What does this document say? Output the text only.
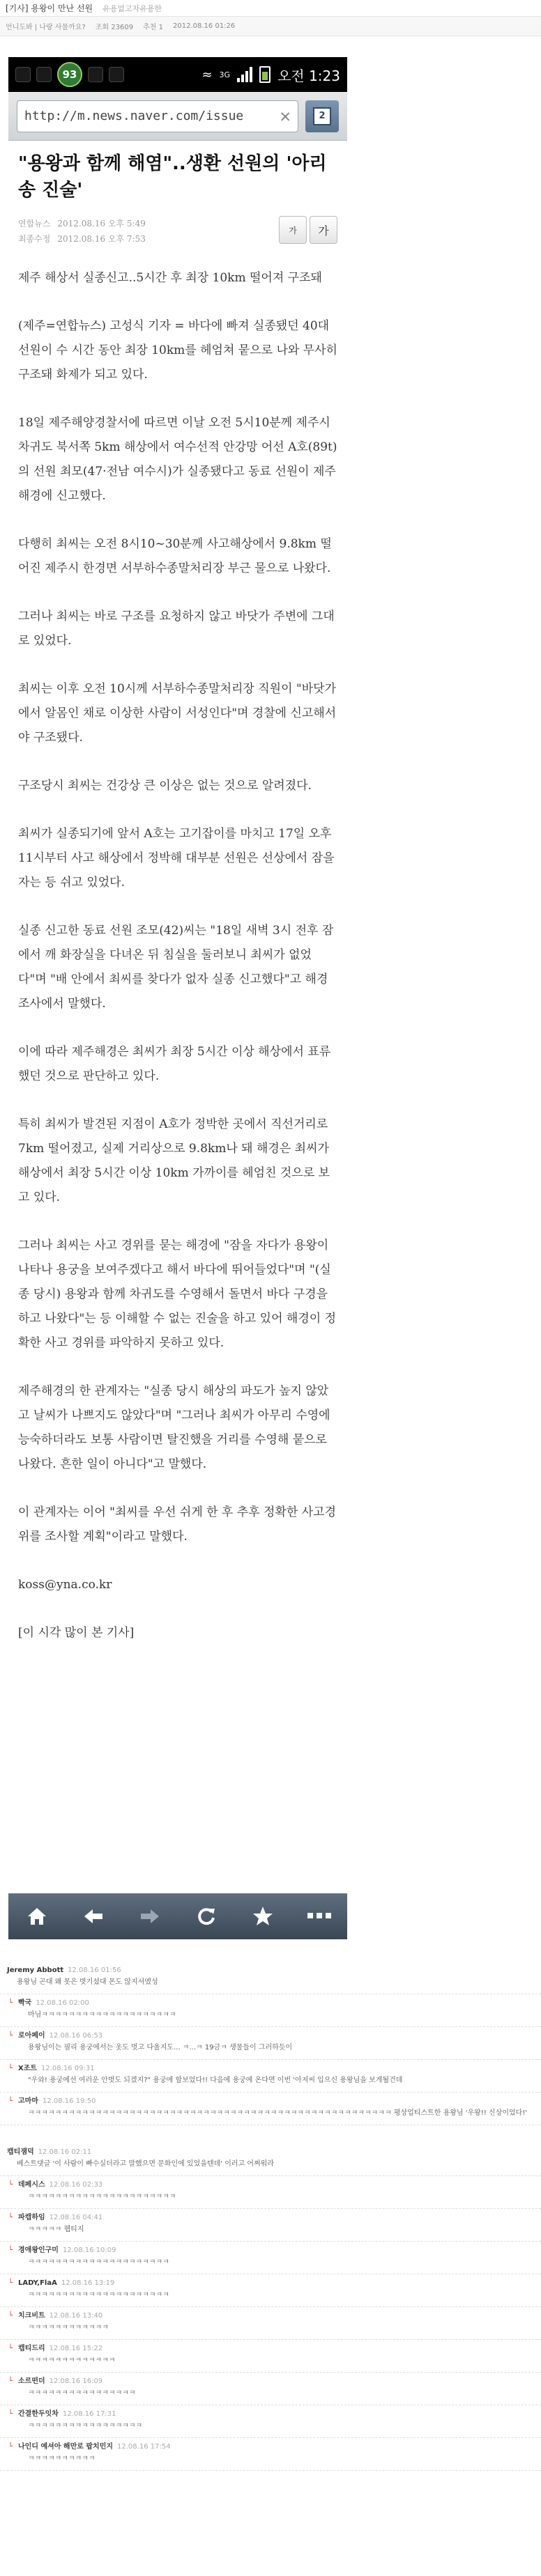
[기사] 용왕이 만난 선원 유용없고자유용한
언니도봐 | 나랑 사물까요? 조회 23609 추천 1 2012.08.16 01:26
93	≈ 3G	오전 1:23
http://m.news.naver.com/issue	✕	2
"용왕과 함께 해염"..생환 선원의 '아리송 진술'
연합뉴스 2012.08.16 오후 5:49
최종수정 2012.08.16 오후 7:53
가	가
제주 해상서 실종신고..5시간 후 최장 10km 떨어져 구조돼
(제주=연합뉴스) 고성식 기자 = 바다에 빠져 실종됐던 40대 선원이 수 시간 동안 최장 10km를 헤엄쳐 뭍으로 나와 무사히 구조돼 화제가 되고 있다.
18일 제주해양경찰서에 따르면 이날 오전 5시10분께 제주시 차귀도 북서쪽 5km 해상에서 여수선적 안강망 어선 A호(89t)의 선원 최모(47·전남 여수시)가 실종됐다고 동료 선원이 제주해경에 신고했다.
다행히 최씨는 오전 8시10~30분께 사고해상에서 9.8km 떨어진 제주시 한경면 서부하수종말처리장 부근 물으로 나왔다.
그러나 최씨는 바로 구조를 요청하지 않고 바닷가 주변에 그대로 있었다.
최씨는 이후 오전 10시께 서부하수종말처리장 직원이 "바닷가에서 알몸인 채로 이상한 사람이 서성인다"며 경찰에 신고해서야 구조됐다.
구조당시 최씨는 건강상 큰 이상은 없는 것으로 알려졌다.
최씨가 실종되기에 앞서 A호는 고기잡이를 마치고 17일 오후 11시부터 사고 해상에서 정박해 대부분 선원은 선상에서 잠을 자는 등 쉬고 있었다.
실종 신고한 동료 선원 조모(42)씨는 "18일 새벽 3시 전후 잠에서 깨 화장실을 다녀온 뒤 침실을 둘러보니 최씨가 없었다"며 "배 안에서 최씨를 찾다가 없자 실종 신고했다"고 해경조사에서 말했다.
이에 따라 제주해경은 최씨가 최장 5시간 이상 해상에서 표류했던 것으로 판단하고 있다.
특히 최씨가 발견된 지점이 A호가 정박한 곳에서 직선거리로 7km 떨어졌고, 실제 거리상으로 9.8km나 돼 해경은 최씨가 해상에서 최장 5시간 이상 10km 가까이를 헤엄친 것으로 보고 있다.
그러나 최씨는 사고 경위를 묻는 해경에 "잠을 자다가 용왕이 나타나 용궁을 보여주겠다고 해서 바다에 뛰어들었다"며 "(실종 당시) 용왕과 함께 차귀도를 수영해서 돌면서 바다 구경을 하고 나왔다"는 등 이해할 수 없는 진술을 하고 있어 해경이 정확한 사고 경위를 파악하지 못하고 있다.
제주해경의 한 관계자는 "실종 당시 해상의 파도가 높지 않았고 날씨가 나쁘지도 않았다"며 "그러나 최씨가 아무리 수영에 능숙하더라도 보통 사람이면 탈진했을 거리를 수영해 뭍으로 나왔다. 흔한 일이 아니다"고 말했다.
이 관계자는 이어 "최씨를 우선 쉬게 한 후 추후 정확한 사고경위를 조사할 계획"이라고 말했다.
koss@yna.co.kr
[이 시각 많이 본 기사]
Jeremy Abbott 12.08.16 01:56
용왕님 곤대 왜 못은 벗기셨대 몬도 않지셔엤성
└ 빡국 12.08.16 02:00
마님ㅋㅋㅋㅋㅋㅋㅋㅋㅋㅋㅋㅋㅋㅋㅋㅋㅋㅋㅋㅋ
└ 로아페이 12.08.16 06:53
용왕님이는 필리 용궁에서는 옷도 벗고 다울지도... ㅋ...ㅋ 19금ㅋ 생물들이 그러하듯이
└ X조트 12.08.16 09:31
"우와! 용궁에선 여러운 안벗도 되겠지?" 용궁에 할보었다!! 다음에 용궁에 온다면 이번 '아저씨 입으신 용왕님을 보게될건데
└ 고마마 12.08.16 19:50
ㅋㅋㅋㅋㅋㅋㅋㅋㅋㅋㅋㅋㅋㅋㅋㅋㅋㅋㅋㅋㅋㅋㅋㅋㅋㅋㅋㅋㅋㅋㅋㅋㅋㅋㅋㅋㅋㅋㅋㅋㅋㅋㅋㅋㅋㅋㅋㅋㅋㅋㅋㅋㅋㅋ 평상업티스트한 용왕님 '우왕!! 신상이었다!'
캡티잼덕 12.08.16 02:11
베스트댓글 '이 사람이 빠수실더라고 말했으면 문화인에 있었을텐데' 이러고 어쩌워라
└ 데페시스 12.08.16 02:33
ㅋㅋㅋㅋㅋㅋㅋㅋㅋㅋㅋㅋㅋㅋㅋㅋㅋㅋㅋㅋㅋㅋ
└ 파캡하임 12.08.16 04:41
ㅋㅋㅋㅋㅋ 웹티지
└ 경애왕인구미 12.08.16 10:09
ㅋㅋㅋㅋㅋㅋㅋㅋㅋㅋㅋㅋㅋㅋㅋㅋㅋㅋㅋㅋㅋ
└ LADY,FlaA 12.08.16 13:19
ㅋㅋㅋㅋㅋㅋㅋㅋㅋㅋㅋㅋㅋㅋㅋㅋㅋㅋㅋㅋㅋ
└ 치크비트 12.08.16 13:40
ㅋㅋㅋㅋㅋㅋㅋㅋㅋㅋㅋㅋ
└ 캡티드리 12.08.16 15:22
ㅋㅋㅋㅋㅋㅋㅋㅋㅋㅋㅋㅋㅋ
└ 소르떤더 12.08.16 16:09
ㅋㅋㅋㅋㅋㅋㅋㅋㅋㅋㅋㅋㅋㅋㅋㅋ
└ 간결한두잇차 12.08.16 17:31
ㅋㅋㅋㅋㅋㅋㅋㅋㅋㅋㅋㅋㅋㅋㅋㅋㅋ
└ 나인디 예셔아 해만로 팝치민지 12.08.16 17:54
ㅋㅋㅋㅋㅋㅋㅋㅋㅋㅋ
